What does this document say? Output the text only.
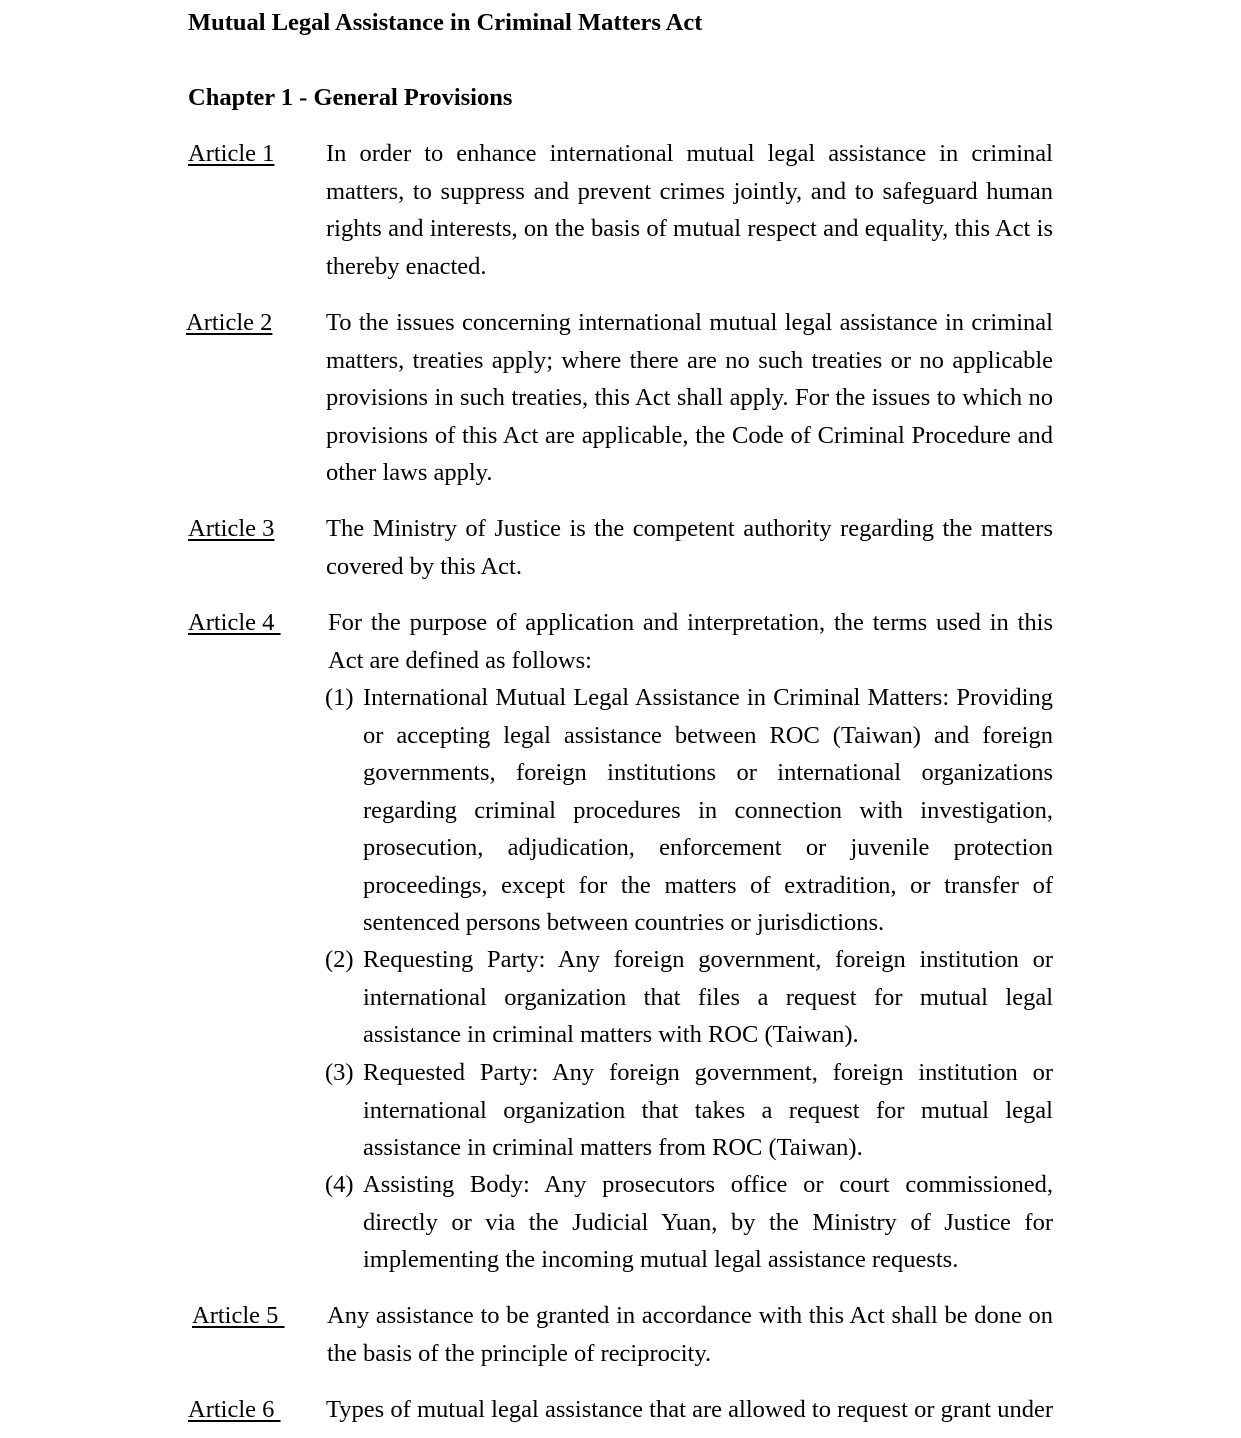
Mutual Legal Assistance in Criminal Matters Act
Chapter 1 - General Provisions
Article 1 In order to enhance international mutual legal assistance in criminal matters, to suppress and prevent crimes jointly, and to safeguard human rights and interests, on the basis of mutual respect and equality, this Act is thereby enacted.
Article 2 To the issues concerning international mutual legal assistance in criminal matters, treaties apply; where there are no such treaties or no applicable provisions in such treaties, this Act shall apply. For the issues to which no provisions of this Act are applicable, the Code of Criminal Procedure and other laws apply.
Article 3 The Ministry of Justice is the competent authority regarding the matters covered by this Act.
Article 4 For the purpose of application and interpretation, the terms used in this Act are defined as follows:
(1) International Mutual Legal Assistance in Criminal Matters: Providing or accepting legal assistance between ROC (Taiwan) and foreign governments, foreign institutions or international organizations regarding criminal procedures in connection with investigation, prosecution, adjudication, enforcement or juvenile protection proceedings, except for the matters of extradition, or transfer of sentenced persons between countries or jurisdictions.
(2) Requesting Party: Any foreign government, foreign institution or international organization that files a request for mutual legal assistance in criminal matters with ROC (Taiwan).
(3) Requested Party: Any foreign government, foreign institution or international organization that takes a request for mutual legal assistance in criminal matters from ROC (Taiwan).
(4) Assisting Body: Any prosecutors office or court commissioned, directly or via the Judicial Yuan, by the Ministry of Justice for implementing the incoming mutual legal assistance requests.
Article 5 Any assistance to be granted in accordance with this Act shall be done on the basis of the principle of reciprocity.
Article 6 Types of mutual legal assistance that are allowed to request or grant under
